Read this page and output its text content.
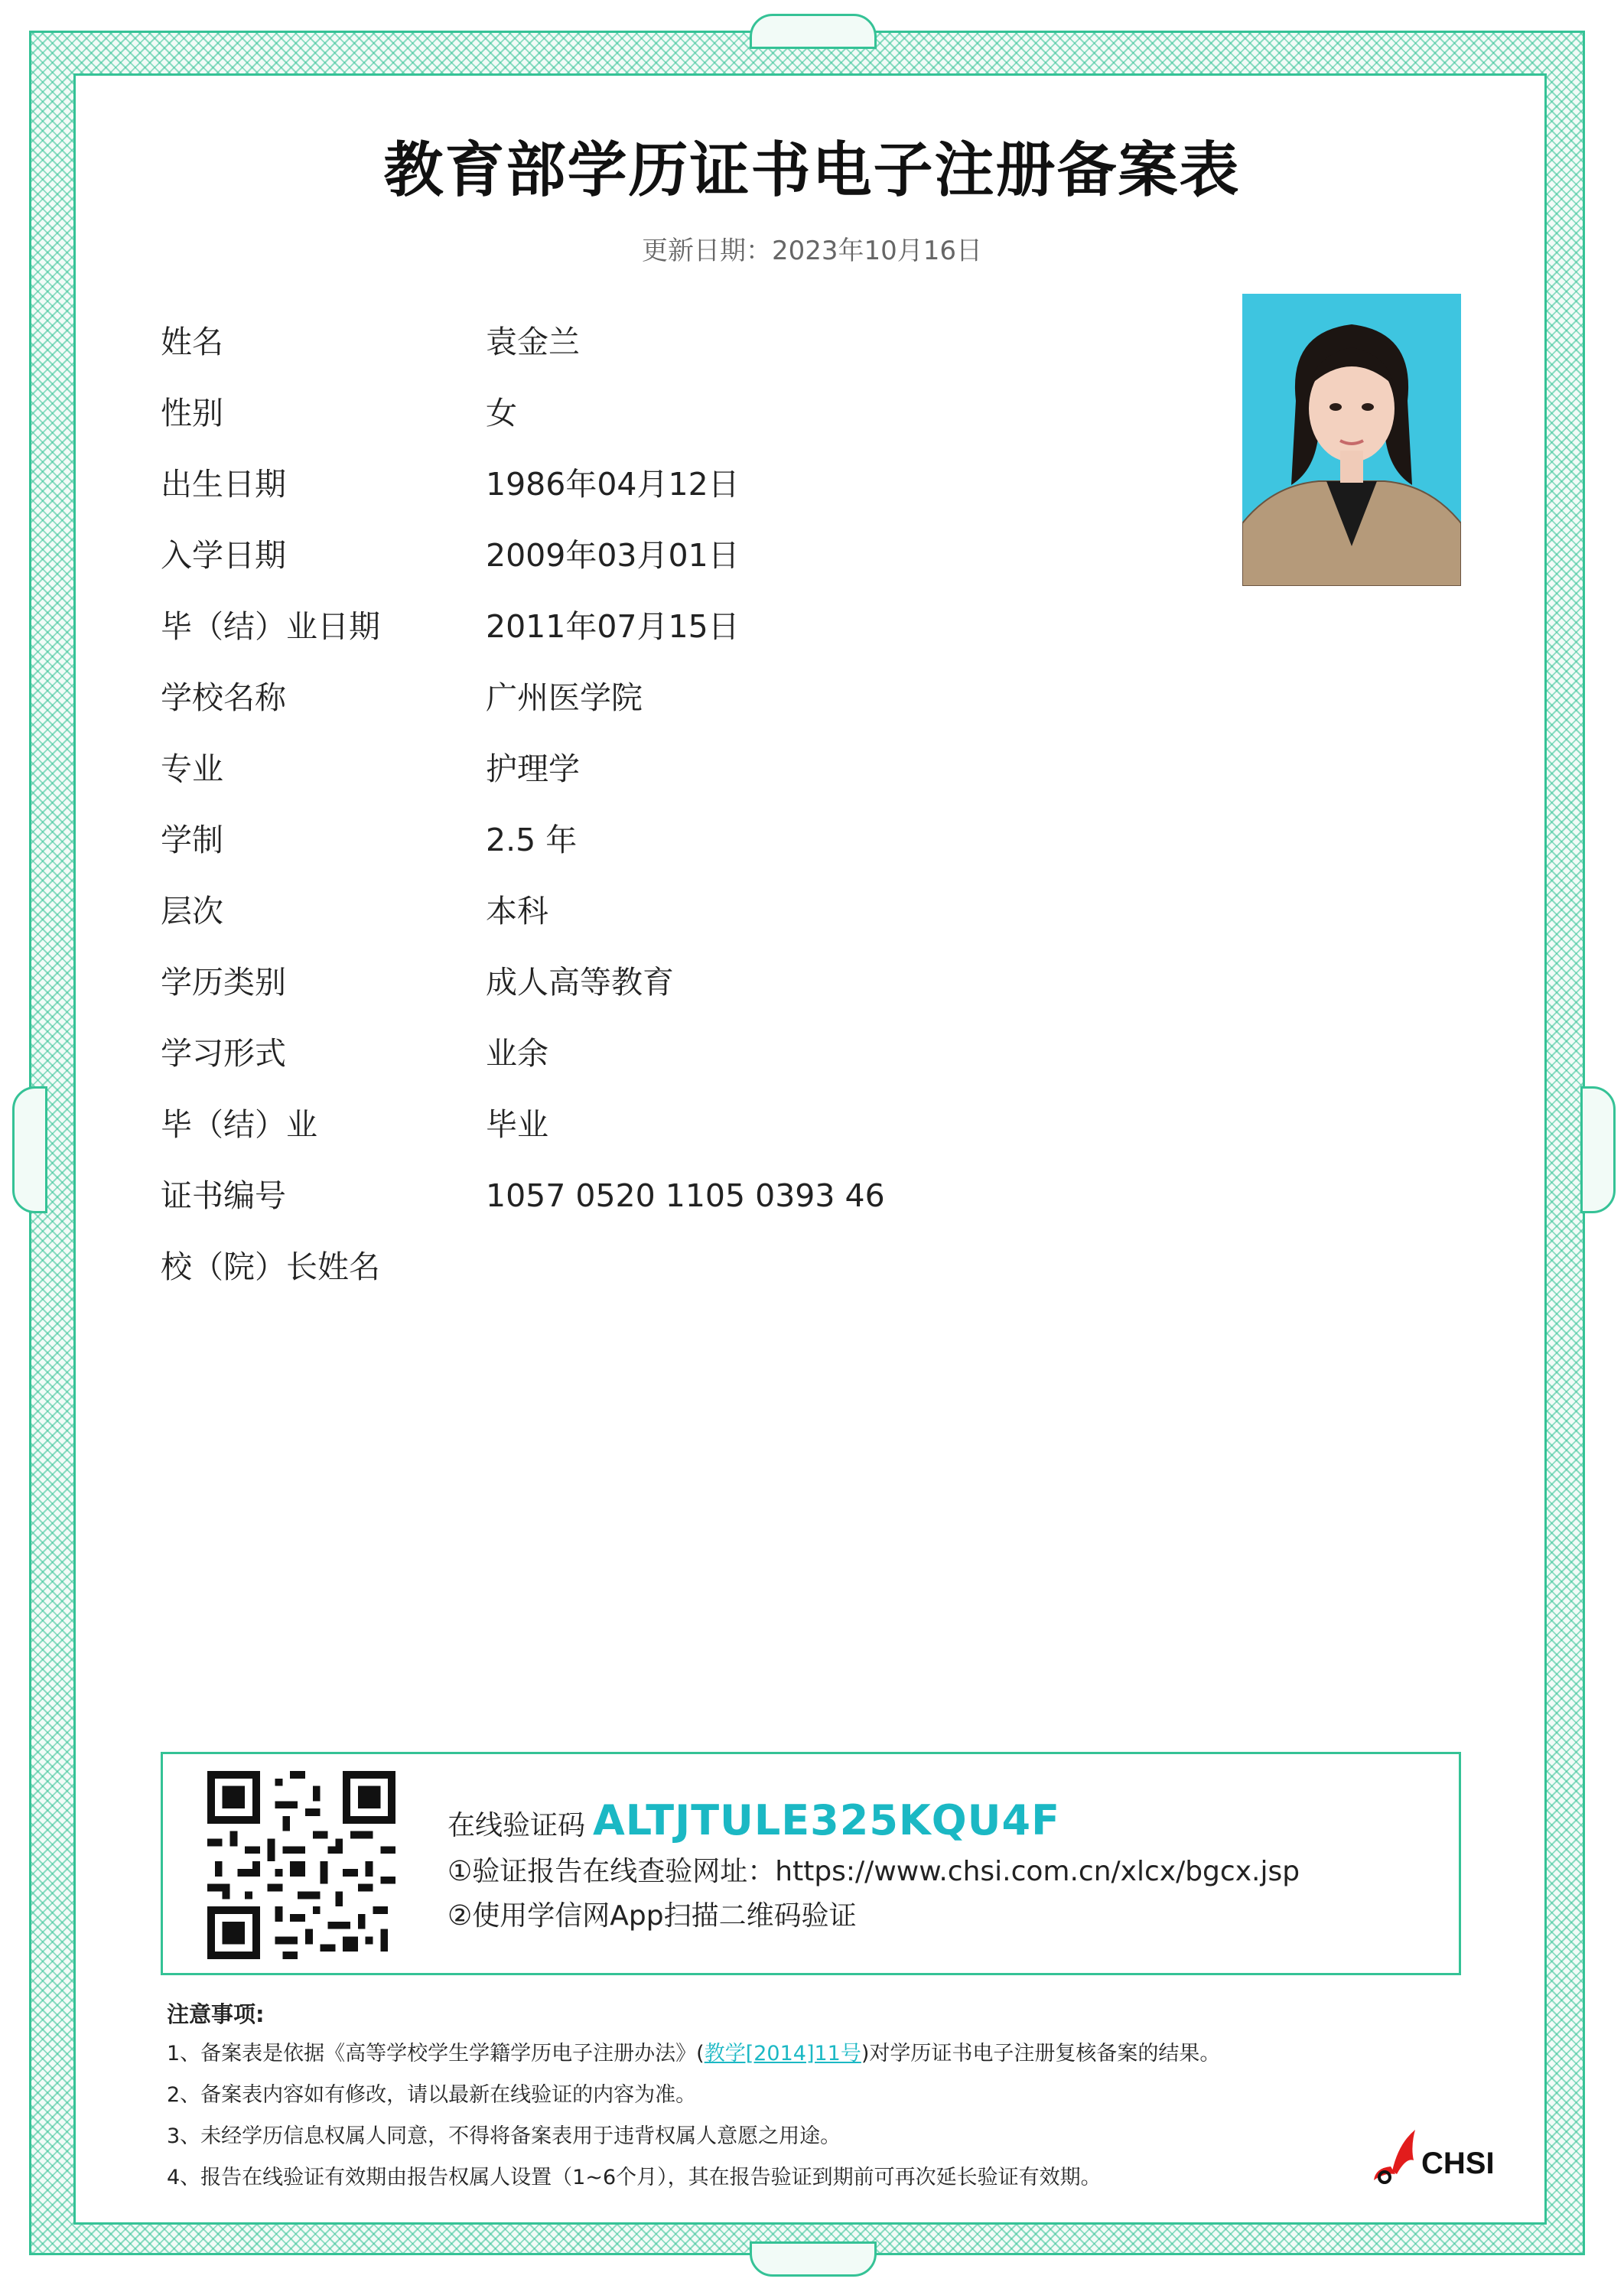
教育部学历证书电子注册备案表
更新日期：2023年10月16日
姓名	袁金兰
性别	女
出生日期	1986年04月12日
入学日期	2009年03月01日
毕（结）业日期	2011年07月15日
学校名称	广州医学院
专业	护理学
学制	2.5 年
层次	本科
学历类别	成人高等教育
学习形式	业余
毕（结）业	毕业
证书编号	1057 0520 1105 0393 46
校（院）长姓名
在线验证码 ALTJTULE325KQU4F
①验证报告在线查验网址：https://www.chsi.com.cn/xlcx/bgcx.jsp
②使用学信网App扫描二维码验证
注意事项:
1、备案表是依据《高等学校学生学籍学历电子注册办法》(教学[2014]11号)对学历证书电子注册复核备案的结果。
2、备案表内容如有修改，请以最新在线验证的内容为准。
3、未经学历信息权属人同意，不得将备案表用于违背权属人意愿之用途。
4、报告在线验证有效期由报告权属人设置（1~6个月），其在报告验证到期前可再次延长验证有效期。	CHSI
